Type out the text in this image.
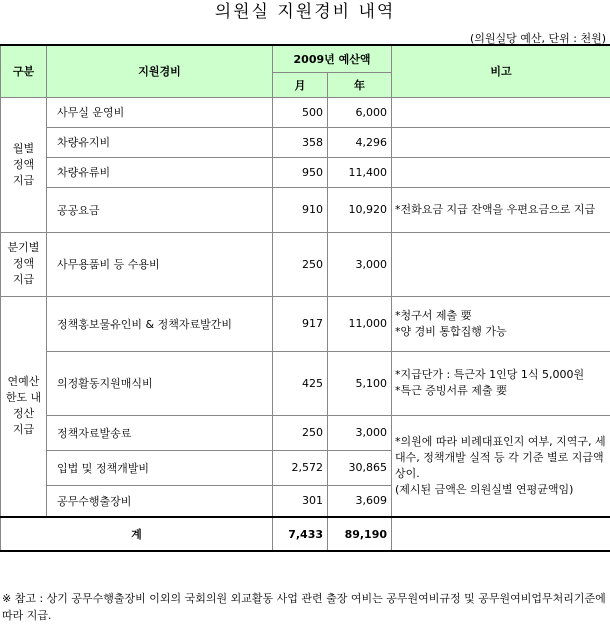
의원실 지원경비 내역
(의원실당 예산, 단위 : 천원)
구분	지원경비	2009년 예산액		비고
		月	年	
월별
정액
지급	사무실 운영비	500	6,000	
	차량유지비	358	4,296	
	차량유류비	950	11,400	
	공공요금	910	10,920	*전화요금 지급 잔액을 우편요금으로 지급
분기별
정액
지급	사무용품비 등 수용비	250	3,000	
연예산
한도 내
정산
지급	정책홍보물유인비 & 정책자료발간비	917	11,000	*청구서 제출 要
*양 경비 통합집행 가능
	의정활동지원매식비	425	5,100	*지급단가 : 특근자 1인당 1식 5,000원
*특근 증빙서류 제출 要
	정책자료발송료	250	3,000	*의원에 따라 비례대표인지 여부, 지역구, 세대수, 정책개발 실적 등 각 기준 별로 지급액 상이.
(제시된 금액은 의원실별 연평균액임)
	입법 및 정책개발비	2,572	30,865	
	공무수행출장비	301	3,609	
계		7,433	89,190	
※ 참고 : 상기 공무수행출장비 이외의 국회의원 외교활동 사업 관련 출장 여비는 공무원여비규정 및 공무원여비업무처리기준에 따라 지급.
